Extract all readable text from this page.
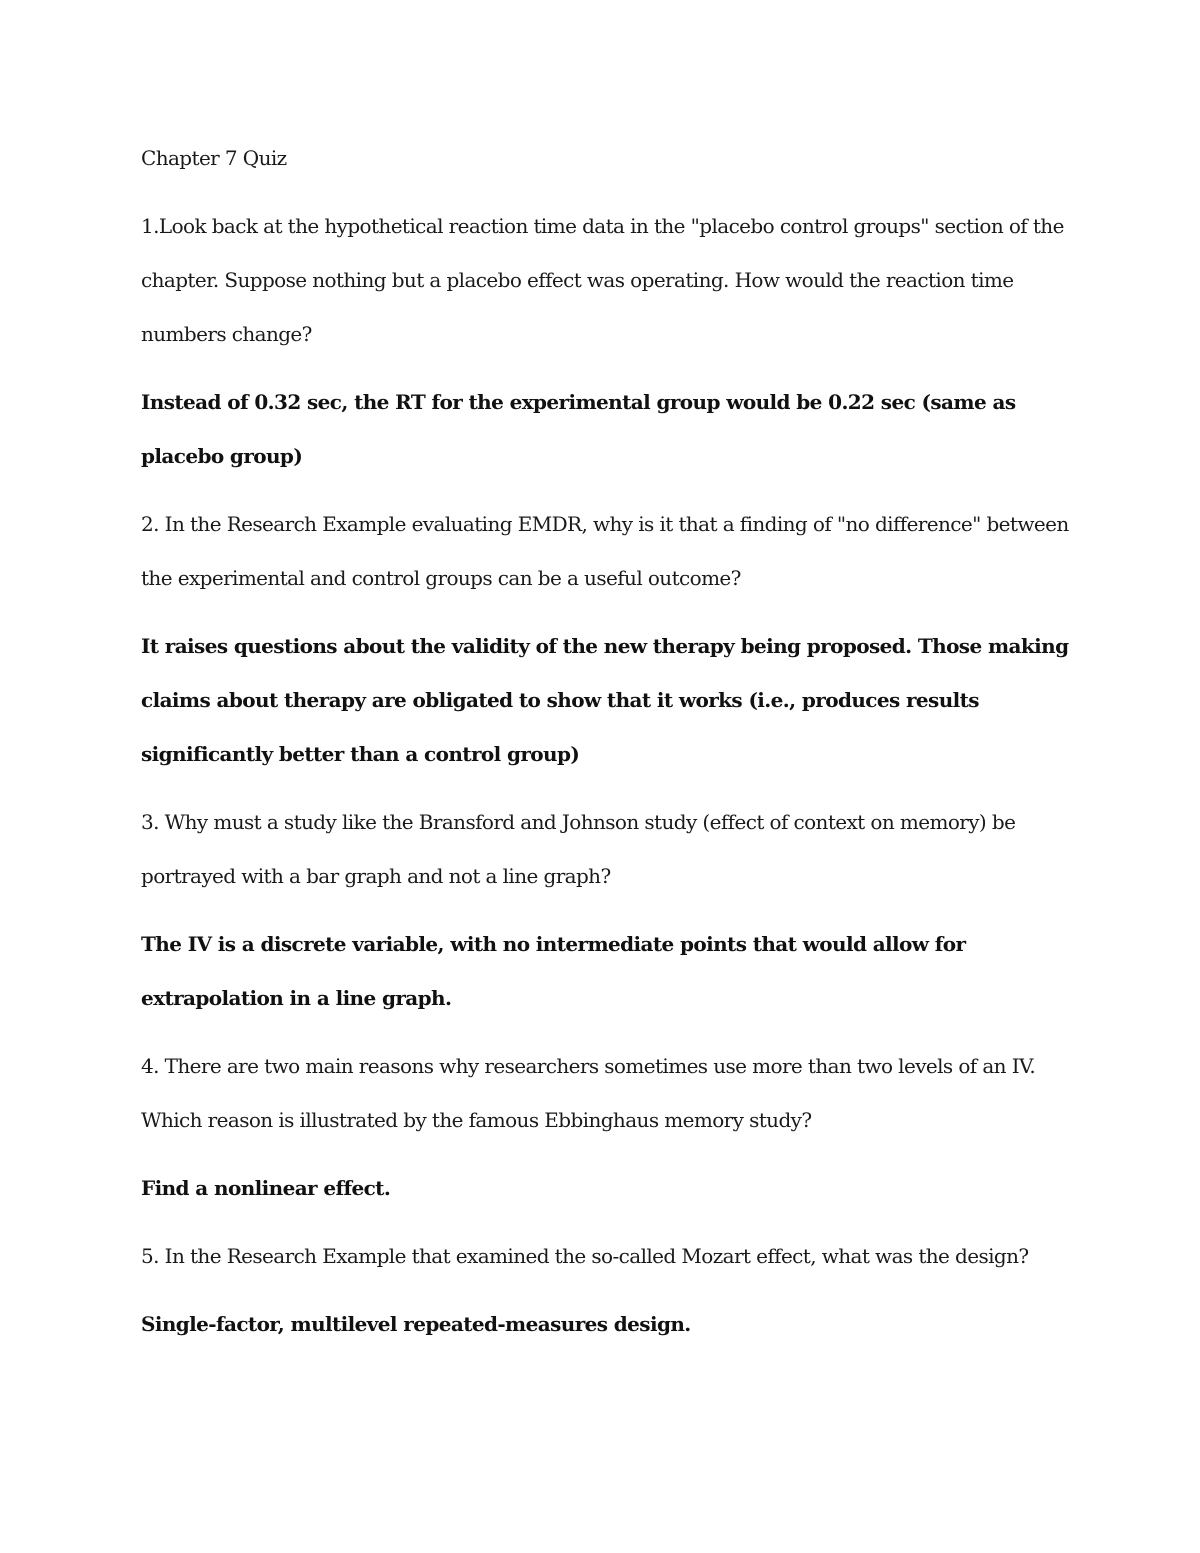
Chapter 7 Quiz
1.Look back at the hypothetical reaction time data in the "placebo control groups" section of the chapter. Suppose nothing but a placebo effect was operating. How would the reaction time numbers change?
Instead of 0.32 sec, the RT for the experimental group would be 0.22 sec (same as placebo group)
2. In the Research Example evaluating EMDR, why is it that a finding of "no difference" between the experimental and control groups can be a useful outcome?
It raises questions about the validity of the new therapy being proposed. Those making claims about therapy are obligated to show that it works (i.e., produces results significantly better than a control group)
3. Why must a study like the Bransford and Johnson study (effect of context on memory) be portrayed with a bar graph and not a line graph?
The IV is a discrete variable, with no intermediate points that would allow for extrapolation in a line graph.
4. There are two main reasons why researchers sometimes use more than two levels of an IV. Which reason is illustrated by the famous Ebbinghaus memory study?
Find a nonlinear effect.
5. In the Research Example that examined the so-called Mozart effect, what was the design?
Single-factor, multilevel repeated-measures design.
